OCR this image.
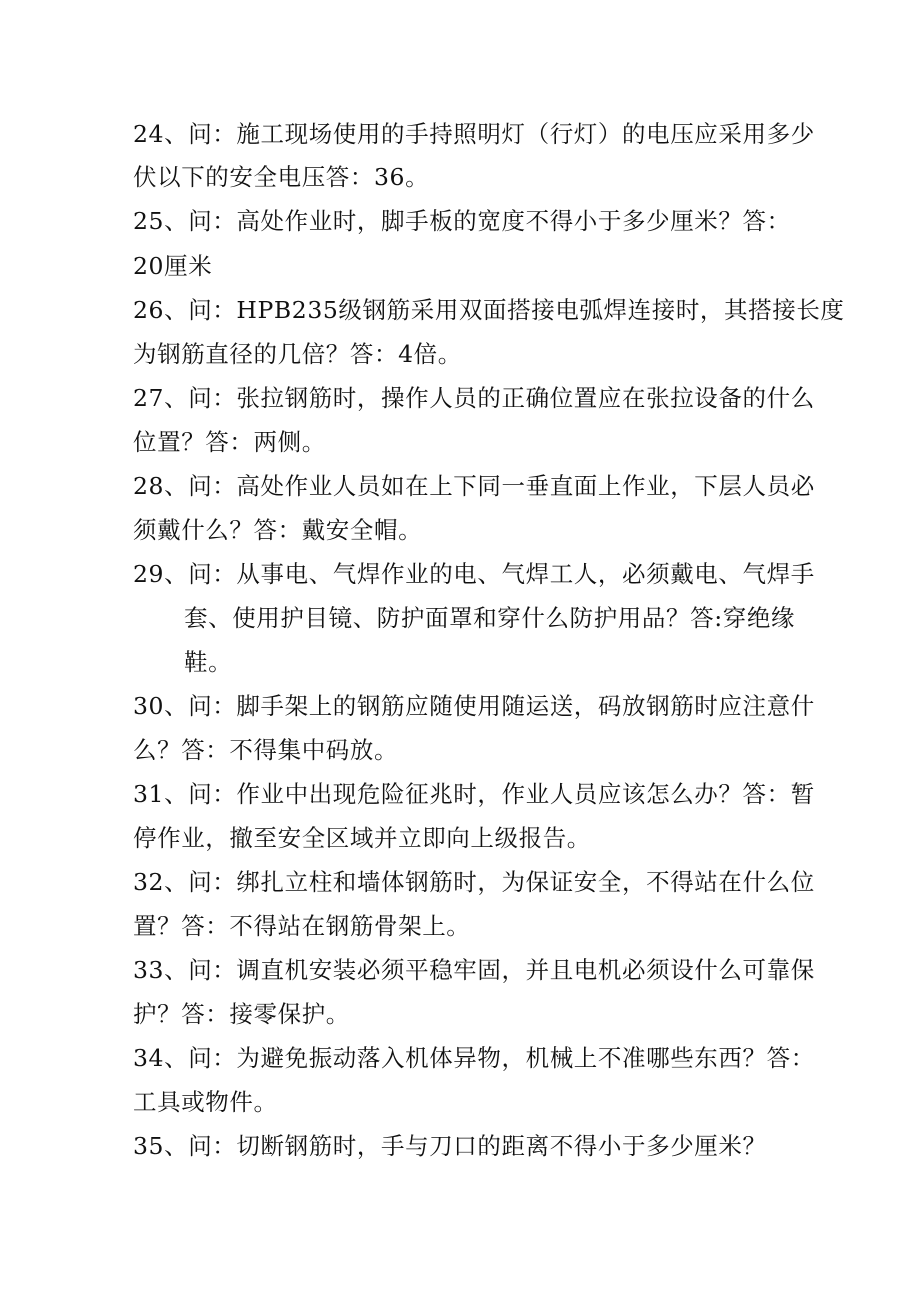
24、问：施工现场使用的手持照明灯（行灯）的电压应采用多少
伏以下的安全电压答：36。
25、问：高处作业时，脚手板的宽度不得小于多少厘米？答：
20厘米
26、问：HPB235级钢筋采用双面搭接电弧焊连接时，其搭接长度
为钢筋直径的几倍？答：4倍。
27、问：张拉钢筋时，操作人员的正确位置应在张拉设备的什么
位置？答：两侧。
28、问：高处作业人员如在上下同一垂直面上作业，下层人员必
须戴什么？答：戴安全帽。
29、问：从事电、气焊作业的电、气焊工人，必须戴电、气焊手
套、使用护目镜、防护面罩和穿什么防护用品？答:穿绝缘
鞋。
30、问：脚手架上的钢筋应随使用随运送，码放钢筋时应注意什
么？答：不得集中码放。
31、问：作业中出现危险征兆时，作业人员应该怎么办？答：暂
停作业，撤至安全区域并立即向上级报告。
32、问：绑扎立柱和墙体钢筋时，为保证安全，不得站在什么位
置？答：不得站在钢筋骨架上。
33、问：调直机安装必须平稳牢固，并且电机必须设什么可靠保
护？答：接零保护。
34、问：为避免振动落入机体异物，机械上不准哪些东西？答：
工具或物件。
35、问：切断钢筋时，手与刀口的距离不得小于多少厘米？
